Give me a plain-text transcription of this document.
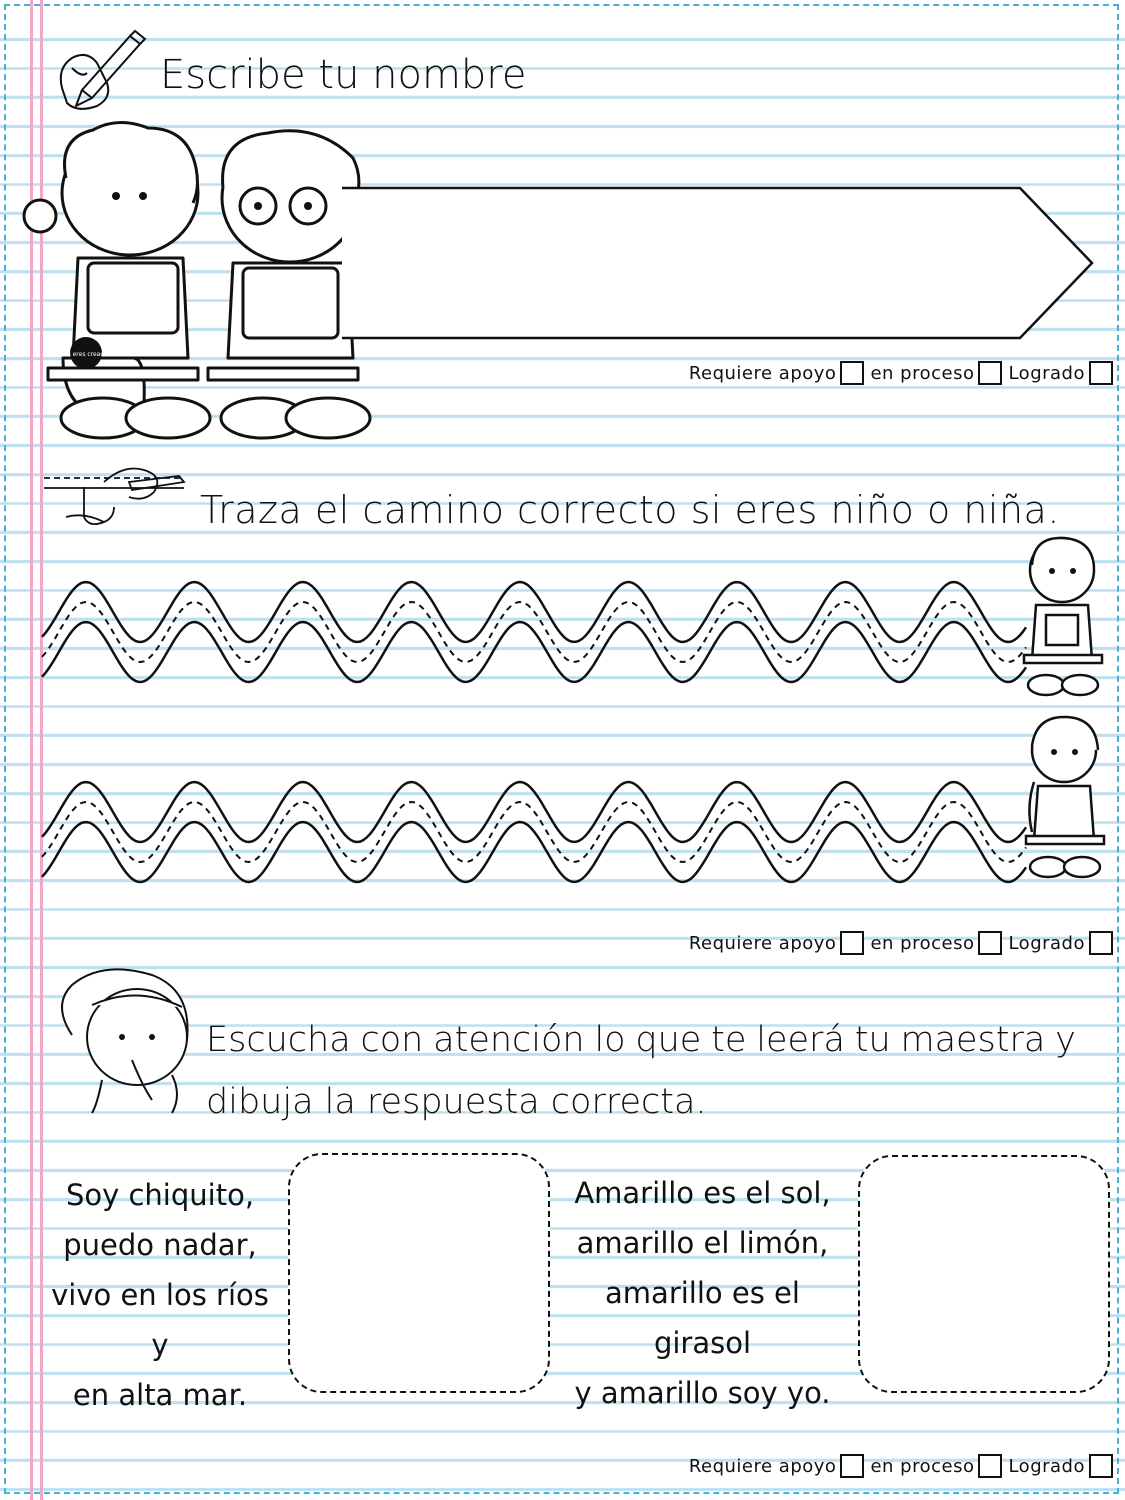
Escribe tu nombre
Tú eres creado
Requiere apoyo en proceso Logrado
Traza el camino correcto si eres niño o niña.
Requiere apoyo en proceso Logrado
Escucha con atención lo que te leerá tu maestra y
dibuja la respuesta correcta.
Soy chiquito,
puedo nadar,
vivo en los ríos y
en alta mar.
Amarillo es el sol,
amarillo el limón,
amarillo es el girasol
y amarillo soy yo.
Requiere apoyo en proceso Logrado
